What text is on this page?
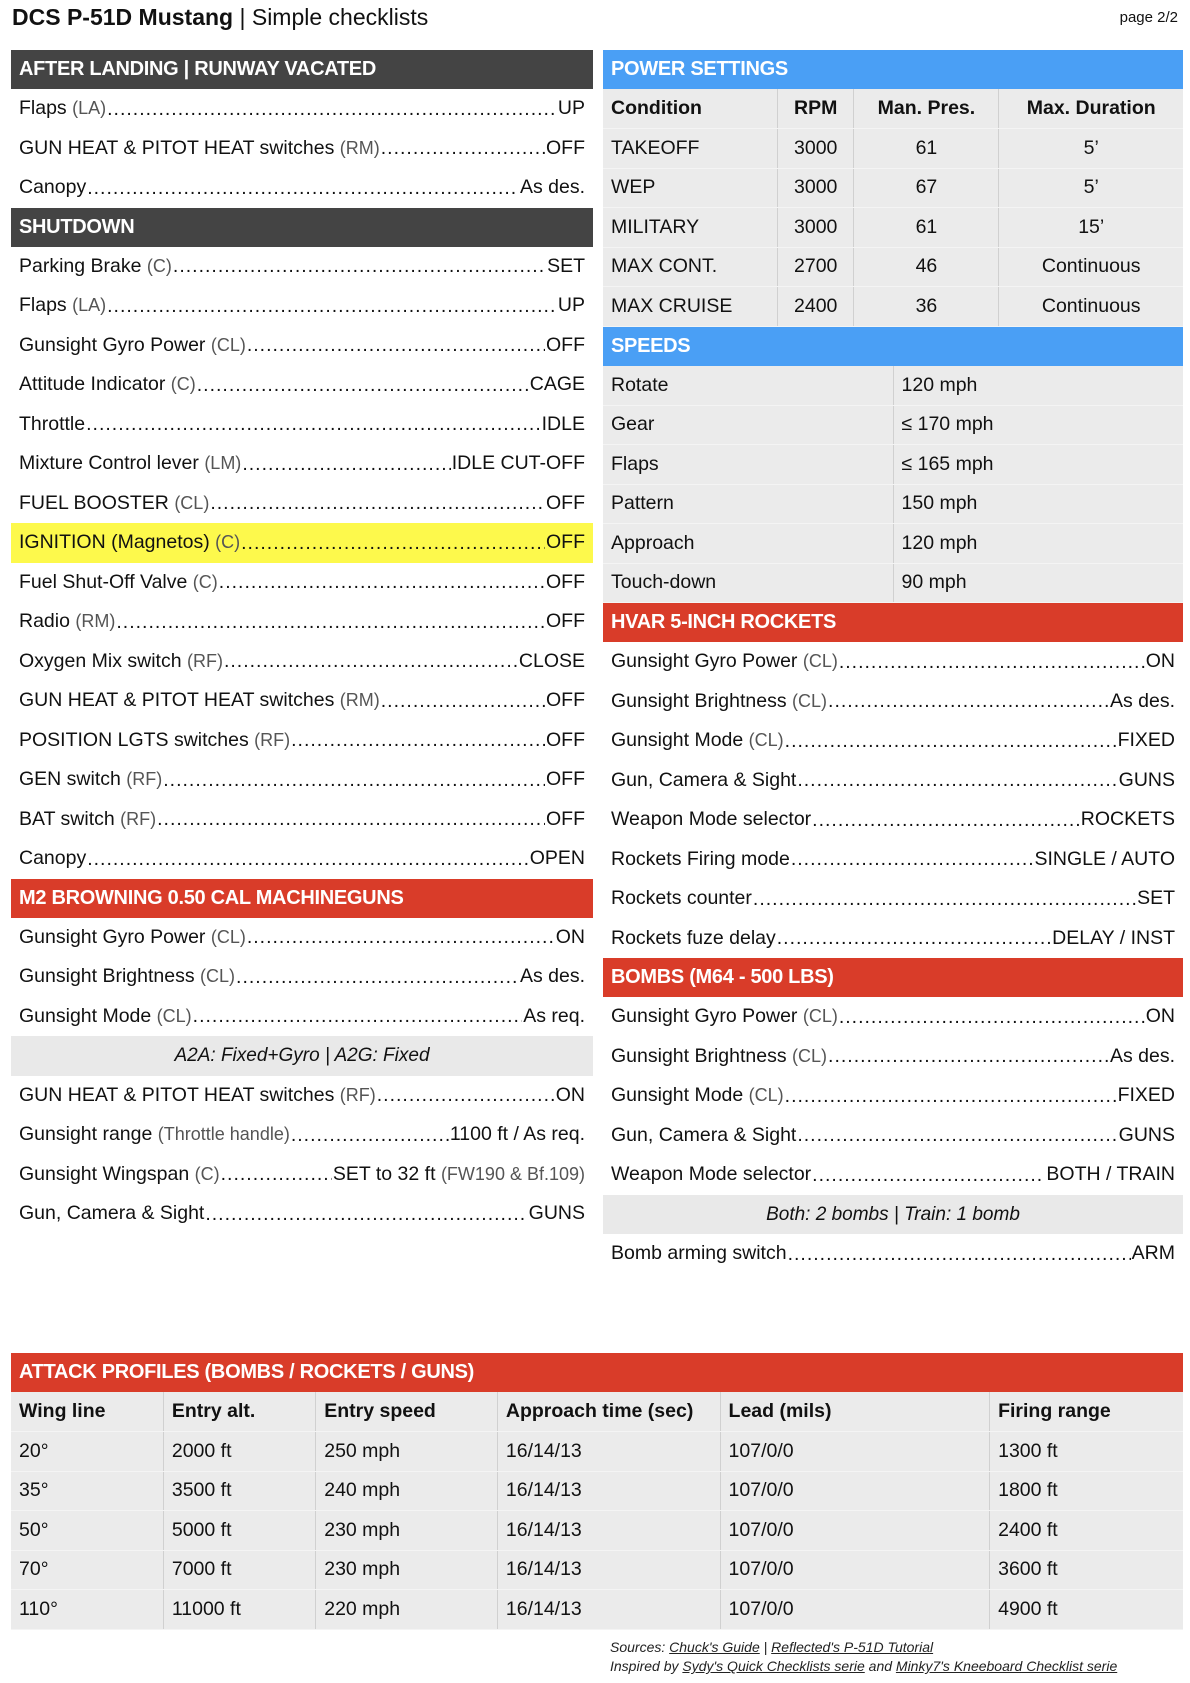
DCS P-51D Mustang | Simple checklists	page 2/2
AFTER LANDING | RUNWAY VACATED
Flaps (LA) .....	UP
GUN HEAT & PITOT HEAT switches (RM) .....	OFF
Canopy .....	As des.
SHUTDOWN
Parking Brake (C) .....	SET
Flaps (LA) .....	UP
Gunsight Gyro Power (CL) .....	OFF
Attitude Indicator (C) .....	CAGE
Throttle .....	IDLE
Mixture Control lever (LM) .....	IDLE CUT-OFF
FUEL BOOSTER (CL) .....	OFF
IGNITION (Magnetos) (C) .....	OFF
Fuel Shut-Off Valve (C) .....	OFF
Radio (RM) .....	OFF
Oxygen Mix switch (RF) .....	CLOSE
GUN HEAT & PITOT HEAT switches (RM) .....	OFF
POSITION LGTS switches (RF) .....	OFF
GEN switch (RF) .....	OFF
BAT switch (RF) .....	OFF
Canopy .....	OPEN
M2 BROWNING 0.50 CAL MACHINEGUNS
Gunsight Gyro Power (CL) .....	ON
Gunsight Brightness (CL) .....	As des.
Gunsight Mode (CL) .....	As req.
A2A: Fixed+Gyro | A2G: Fixed
GUN HEAT & PITOT HEAT switches (RF) .....	ON
Gunsight range (Throttle handle) .....	1100 ft / As req.
Gunsight Wingspan (C) .....	SET to 32 ft (FW190 & Bf.109)
Gun, Camera & Sight .....	GUNS
POWER SETTINGS
Condition	RPM	Man. Pres.	Max. Duration
TAKEOFF	3000	61	5’
WEP	3000	67	5’
MILITARY	3000	61	15’
MAX CONT.	2700	46	Continuous
MAX CRUISE	2400	36	Continuous
SPEEDS
Rotate	120 mph
Gear	≤ 170 mph
Flaps	≤ 165 mph
Pattern	150 mph
Approach	120 mph
Touch-down	90 mph
HVAR 5-INCH ROCKETS
Gunsight Gyro Power (CL) .....	ON
Gunsight Brightness (CL) .....	As des.
Gunsight Mode (CL) .....	FIXED
Gun, Camera & Sight .....	GUNS
Weapon Mode selector .....	ROCKETS
Rockets Firing mode .....	SINGLE / AUTO
Rockets counter .....	SET
Rockets fuze delay .....	DELAY / INST
BOMBS (M64 - 500 LBS)
Gunsight Gyro Power (CL) .....	ON
Gunsight Brightness (CL) .....	As des.
Gunsight Mode (CL) .....	FIXED
Gun, Camera & Sight .....	GUNS
Weapon Mode selector .....	BOTH / TRAIN
Both: 2 bombs | Train: 1 bomb
Bomb arming switch .....	ARM
ATTACK PROFILES (BOMBS / ROCKETS / GUNS)
Wing line	Entry alt.	Entry speed	Approach time (sec)	Lead (mils)	Firing range
20°	2000 ft	250 mph	16/14/13	107/0/0	1300 ft
35°	3500 ft	240 mph	16/14/13	107/0/0	1800 ft
50°	5000 ft	230 mph	16/14/13	107/0/0	2400 ft
70°	7000 ft	230 mph	16/14/13	107/0/0	3600 ft
110°	11000 ft	220 mph	16/14/13	107/0/0	4900 ft
Sources: Chuck's Guide | Reflected's P-51D Tutorial
Inspired by Sydy's Quick Checklists serie and Minky7's Kneeboard Checklist serie
